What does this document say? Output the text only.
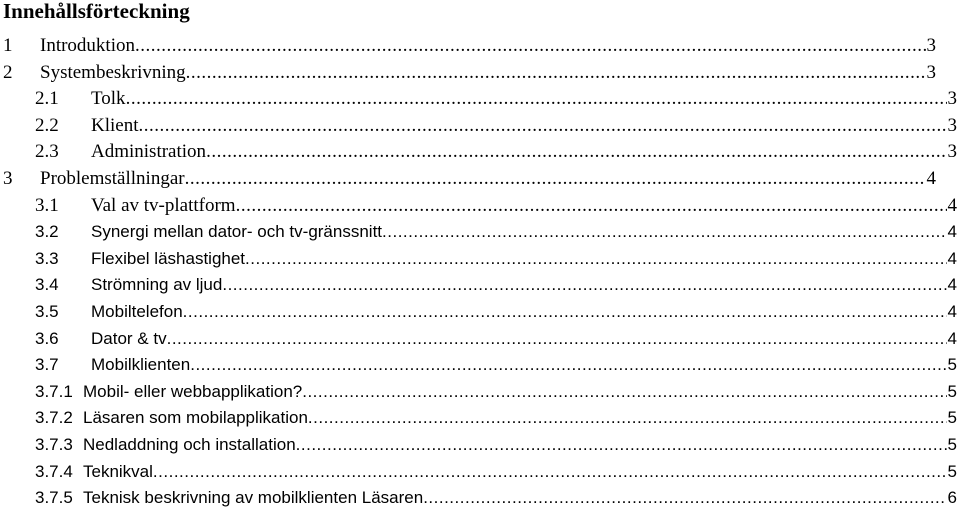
Innehållsförteckning
1	Introduktion .....	3
2	Systembeskrivning .....	3
2.1	Tolk .....	3
2.2	Klient .....	3
2.3	Administration .....	3
3	Problemställningar .....	4
3.1	Val av tv-plattform .....	4
3.2	Synergi mellan dator- och tv-gränssnitt .....	4
3.3	Flexibel läshastighet .....	4
3.4	Strömning av ljud .....	4
3.5	Mobiltelefon .....	4
3.6	Dator & tv .....	4
3.7	Mobilklienten .....	5
3.7.1 Mobil- eller webbapplikation? .....	5
3.7.2 Läsaren som mobilapplikation .....	5
3.7.3 Nedladdning och installation .....	5
3.7.4 Teknikval .....	5
3.7.5 Teknisk beskrivning av mobilklienten Läsaren .....	6
